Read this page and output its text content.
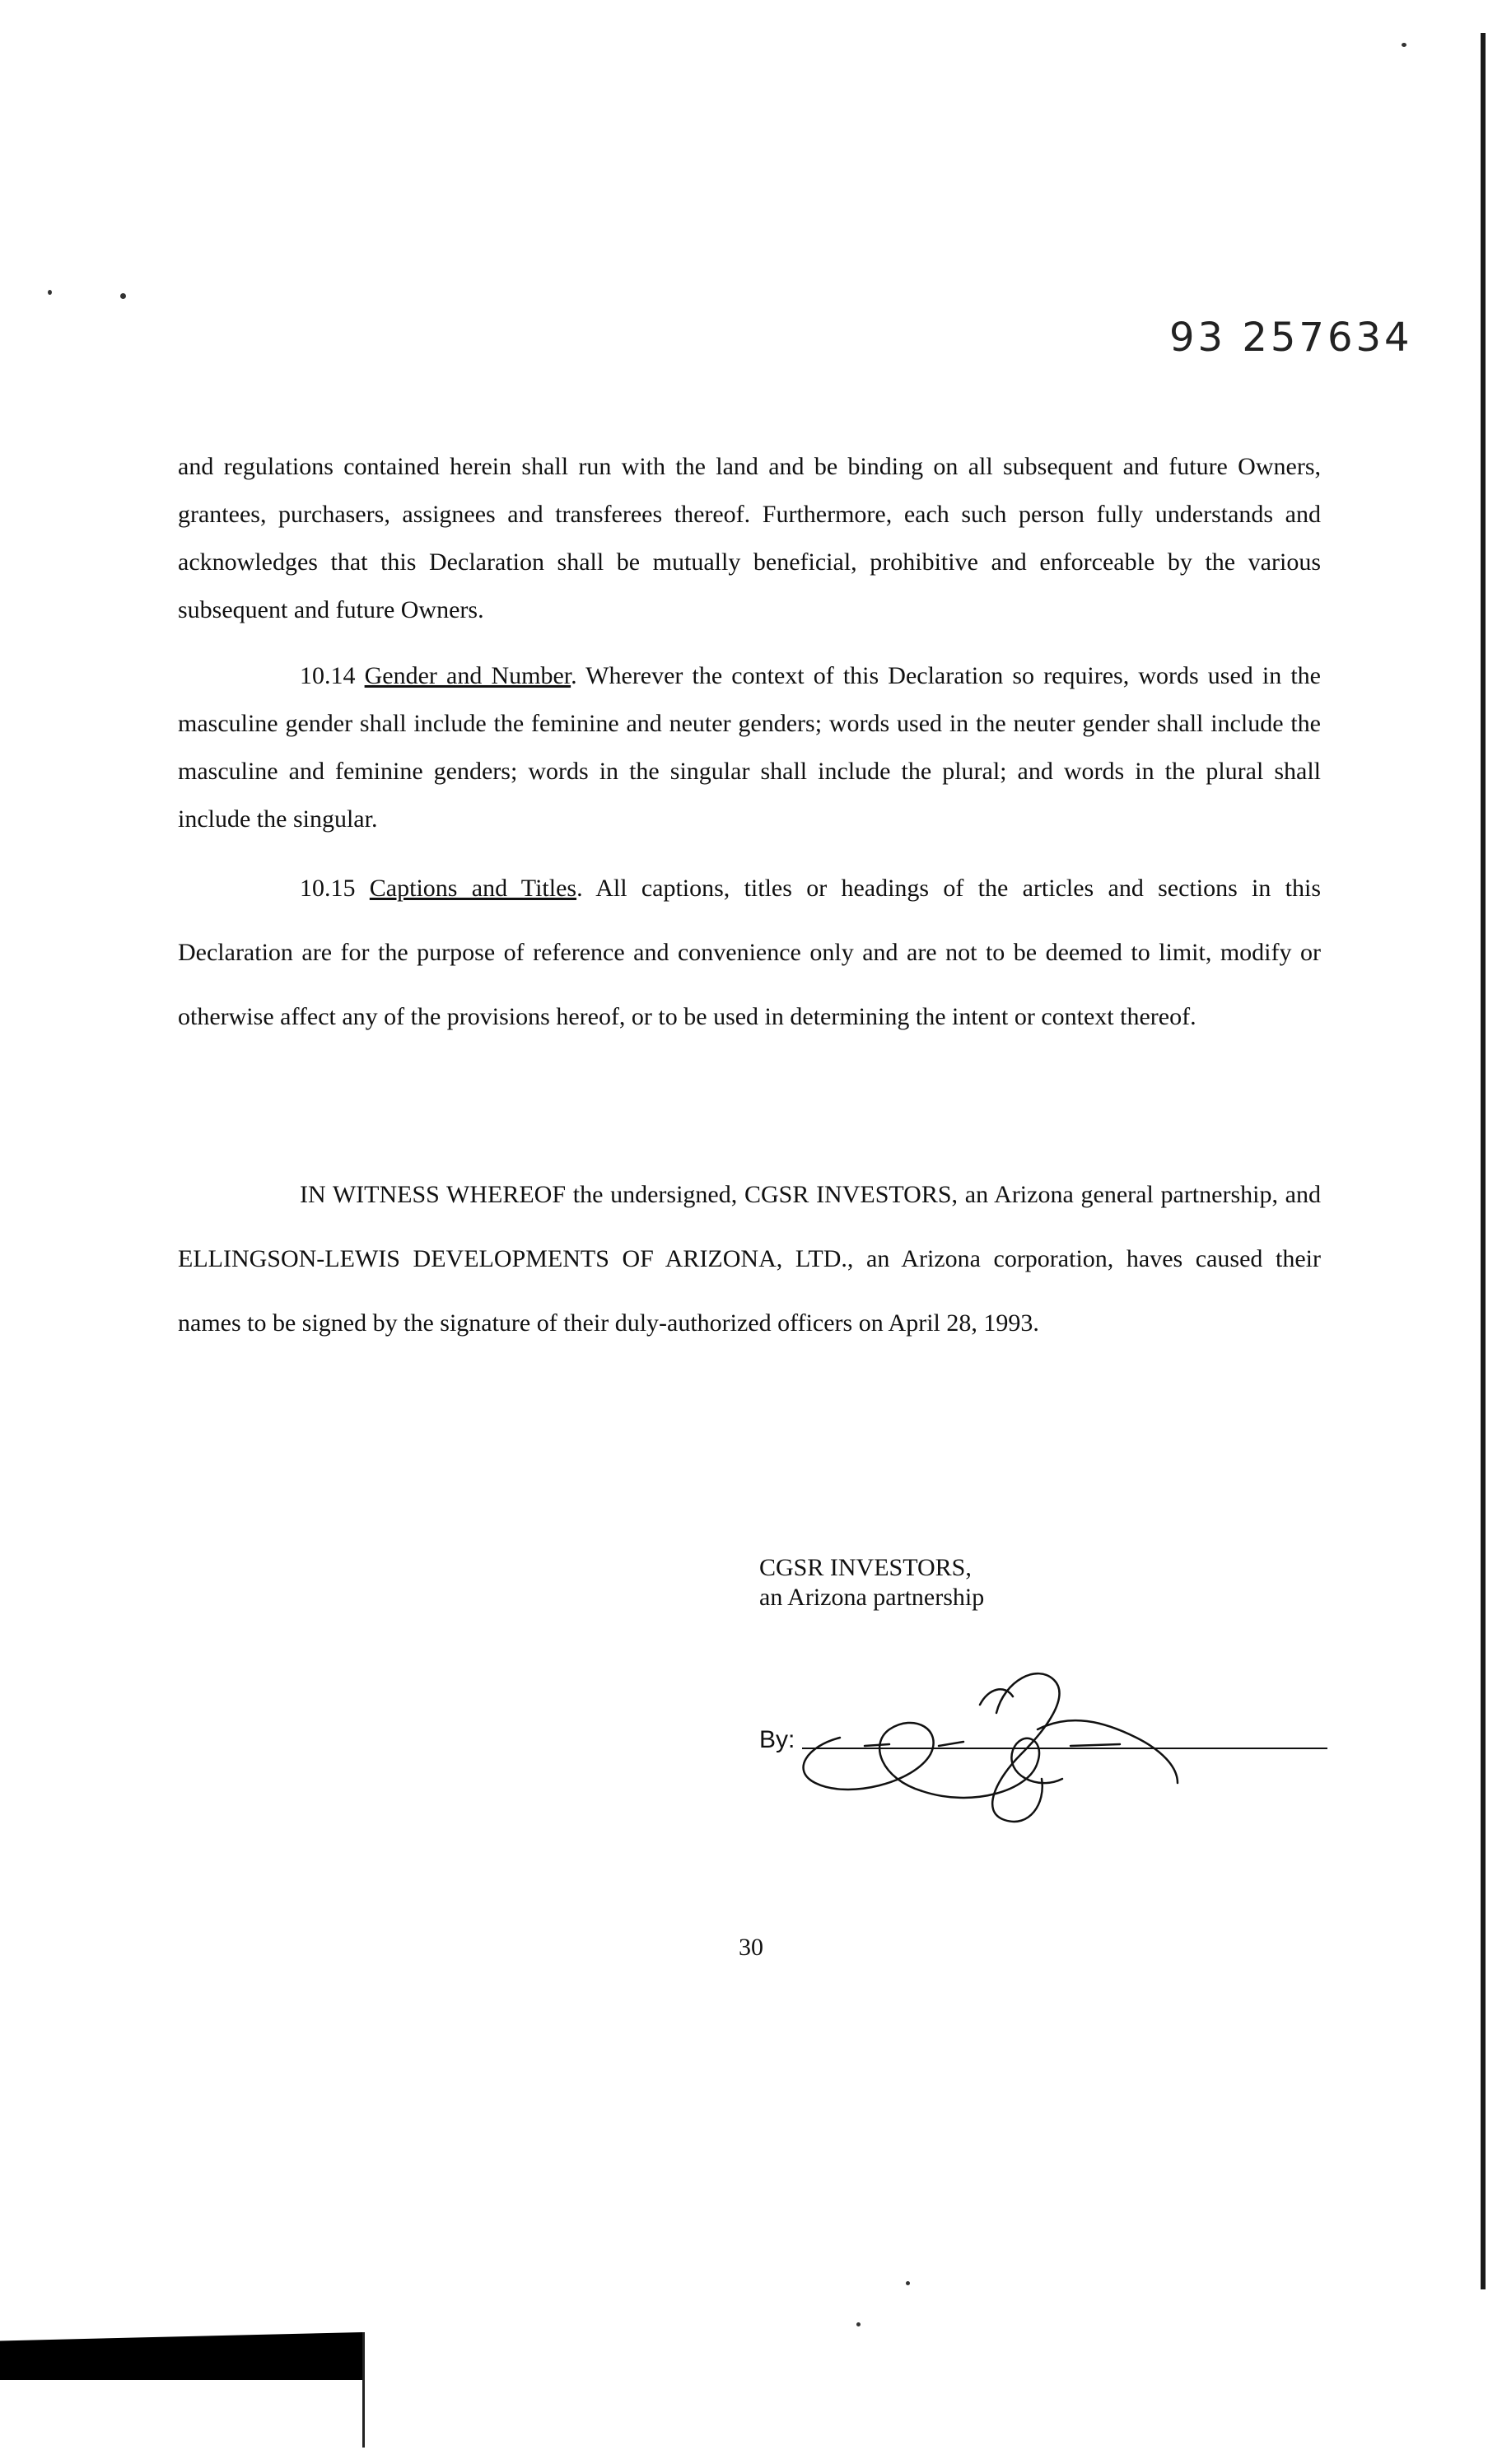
93 257634

and regulations contained herein shall run with the land and be binding on all subsequent and future Owners, grantees, purchasers, assignees and transferees thereof. Furthermore, each such person fully understands and acknowledges that this Declaration shall be mutually beneficial, prohibitive and enforceable by the various subsequent and future Owners.

10.14 Gender and Number. Wherever the context of this Declaration so requires, words used in the masculine gender shall include the feminine and neuter genders; words used in the neuter gender shall include the masculine and feminine genders; words in the singular shall include the plural; and words in the plural shall include the singular.

10.15 Captions and Titles. All captions, titles or headings of the articles and sections in this Declaration are for the purpose of reference and convenience only and are not to be deemed to limit, modify or otherwise affect any of the provisions hereof, or to be used in determining the intent or context thereof.

IN WITNESS WHEREOF the undersigned, CGSR INVESTORS, an Arizona general partnership, and ELLINGSON-LEWIS DEVELOPMENTS OF ARIZONA, LTD., an Arizona corporation, haves caused their names to be signed by the signature of their duly-authorized officers on April 28, 1993.

CGSR INVESTORS,
an Arizona partnership
By:
30
